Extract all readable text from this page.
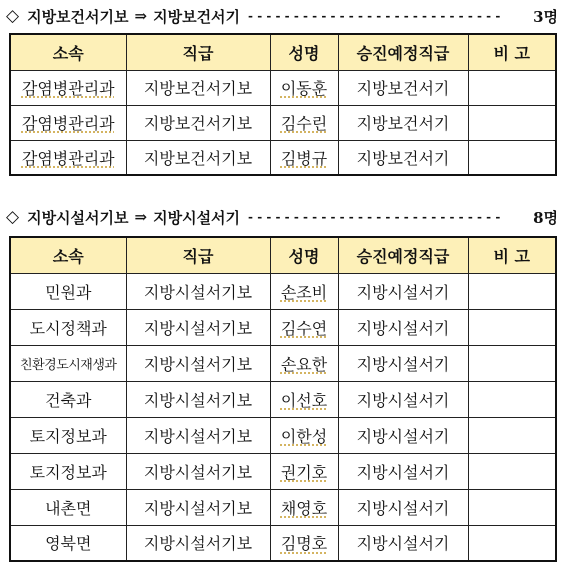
◇ 지방보건서기보 ⇒ 지방보건서기 - - - - - - - - - - - - - - - - - - - - - - - - - - - -	3명
소속	직급	성명	승진예정직급	비 고
감염병관리과	지방보건서기보	이동훈	지방보건서기	
감염병관리과	지방보건서기보	김수린	지방보건서기	
감염병관리과	지방보건서기보	김병규	지방보건서기	
◇ 지방시설서기보 ⇒ 지방시설서기 - - - - - - - - - - - - - - - - - - - - - - - - - - - -	8명
소속	직급	성명	승진예정직급	비 고
민원과	지방시설서기보	손조비	지방시설서기	
도시정책과	지방시설서기보	김수연	지방시설서기	
친환경도시재생과	지방시설서기보	손요한	지방시설서기	
건축과	지방시설서기보	이선호	지방시설서기	
토지정보과	지방시설서기보	이한성	지방시설서기	
토지정보과	지방시설서기보	권기호	지방시설서기	
내촌면	지방시설서기보	채영호	지방시설서기	
영북면	지방시설서기보	김명호	지방시설서기	
